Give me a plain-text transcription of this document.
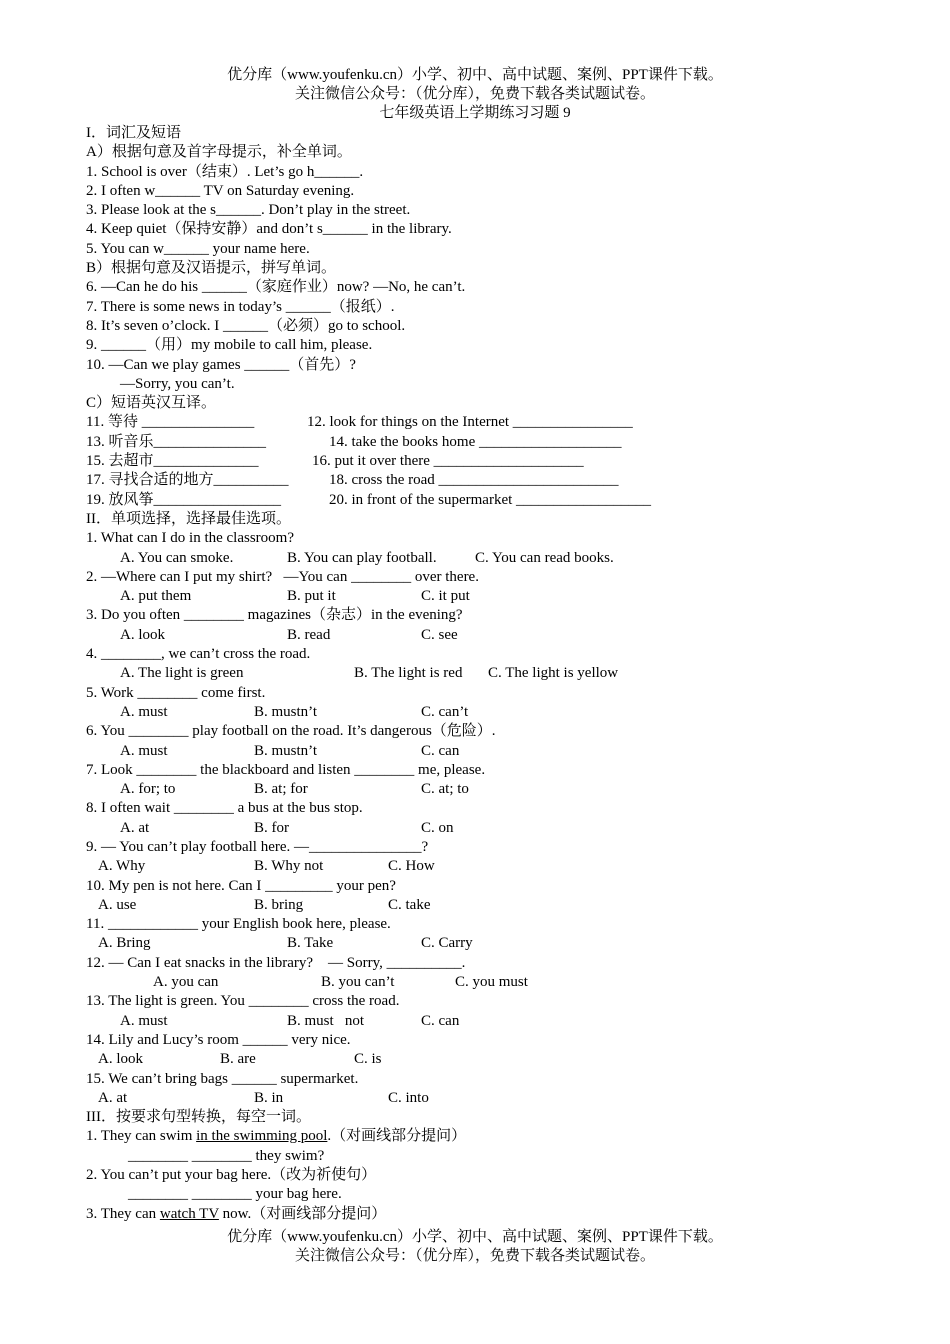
优分库（www.youfenku.cn）小学、初中、高中试题、案例、PPT课件下载。
关注微信公众号：（优分库），免费下载各类试题试卷。
七年级英语上学期练习习题 9
I．词汇及短语
A）根据句意及首字母提示，补全单词。
1. School is over（结束）. Let’s go h______.
2. I often w______ TV on Saturday evening.
3. Please look at the s______. Don’t play in the street.
4. Keep quiet（保持安静）and don’t s______ in the library.
5. You can w______ your name here.
B）根据句意及汉语提示，拼写单词。
6. —Can he do his ______（家庭作业）now? —No, he can’t.
7. There is some news in today’s ______（报纸）.
8. It’s seven o’clock. I ______（必须）go to school.
9. ______（用）my mobile to call him, please.
10. —Can we play games ______（首先）?
—Sorry, you can’t.
C）短语英汉互译。

11. 等待 _______________

	12. look for things on the Internet ________________

13. 听音乐_______________

	14. take the books home ___________________

15. 去超市______________

	16. put it over there ____________________

17. 寻找合适的地方__________

	18. cross the road ________________________

19. 放风筝_________________

	20. in front of the supermarket __________________

II．单项选择，选择最佳选项。
1. What can I do in the classroom?

A. You can smoke.

	B. You can play football.

	C. You can read books.

2. —Where can I put my shirt?   —You can ________ over there.

A. put them

	B. put it

	C. it put

3. Do you often ________ magazines（杂志）in the evening?

A. look

	B. read

	C. see

4. ________, we can’t cross the road.

A. The light is green

	B. The light is red

C. The light is yellow

5. Work ________ come first.

A. must

	B. mustn’t

	C. can’t

6. You ________ play football on the road. It’s dangerous（危险）.

A. must

	B. mustn’t

	C. can

7. Look ________ the blackboard and listen ________ me, please.

A. for; to

	B. at; for

	C. at; to

8. I often wait ________ a bus at the bus stop.

A. at

	B. for

	C. on

9. — You can’t play football here. —_______________?

A. Why

	B. Why not

	C. How

10. My pen is not here. Can I _________ your pen?

A. use

	B. bring

	C. take

11. ____________ your English book here, please.

A. Bring

	B. Take

	C. Carry

12. — Can I eat snacks in the library?    — Sorry, __________.

A. you can

	B. you can’t

	C. you must

13. The light is green. You ________ cross the road.

A. must

	B. must   not

	C. can

14. Lily and Lucy’s room ______ very nice.

A. look

	B. are

	C. is

15. We can’t bring bags ______ supermarket.

A. at

	B. in

	C. into

III．按要求句型转换，每空一词。
1. They can swim in the swimming pool.（对画线部分提问）
________ ________ they swim?
2. You can’t put your bag here.（改为祈使句）
________ ________ your bag here.
3. They can watch TV now.（对画线部分提问）
优分库（www.youfenku.cn）小学、初中、高中试题、案例、PPT课件下载。
关注微信公众号：（优分库），免费下载各类试题试卷。
